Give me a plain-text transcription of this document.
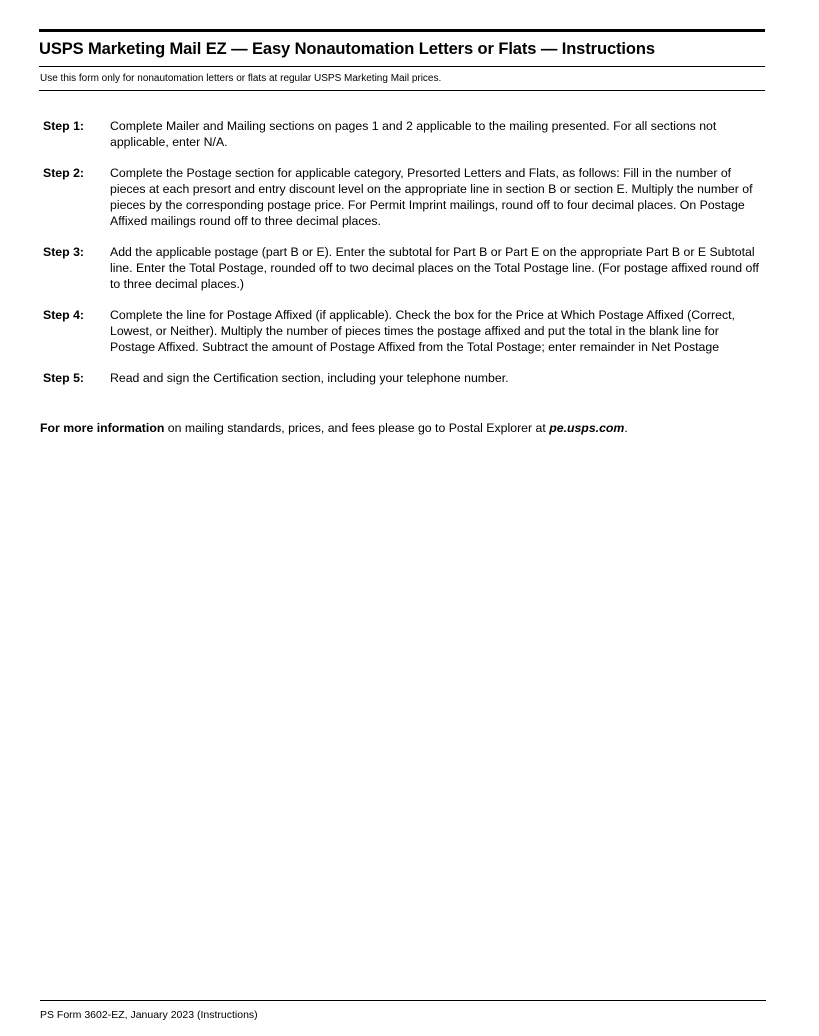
USPS Marketing Mail EZ — Easy Nonautomation Letters or Flats — Instructions

Use this form only for nonautomation letters or flats at regular USPS Marketing Mail prices.

Step 1:	Complete Mailer and Mailing sections on pages 1 and 2 applicable to the mailing presented. For all sections not applicable, enter N/A.
Step 2:	Complete the Postage section for applicable category, Presorted Letters and Flats, as follows: Fill in the number of pieces at each presort and entry discount level on the appropriate line in section B or section E. Multiply the number of pieces by the corresponding postage price. For Permit Imprint mailings, round off to four decimal places. On Postage Affixed mailings round off to three decimal places.
Step 3:	Add the applicable postage (part B or E). Enter the subtotal for Part B or Part E on the appropriate Part B or E Subtotal line. Enter the Total Postage, rounded off to two decimal places on the Total Postage line. (For postage affixed round off to three decimal places.)
Step 4:	Complete the line for Postage Affixed (if applicable). Check the box for the Price at Which Postage Affixed (Correct, Lowest, or Neither). Multiply the number of pieces times the postage affixed and put the total in the blank line for Postage Affixed. Subtract the amount of Postage Affixed from the Total Postage; enter remainder in Net Postage
Step 5:	Read and sign the Certification section, including your telephone number.

For more information on mailing standards, prices, and fees please go to Postal Explorer at pe.usps.com.

PS Form 3602-EZ, January 2023 (Instructions)
